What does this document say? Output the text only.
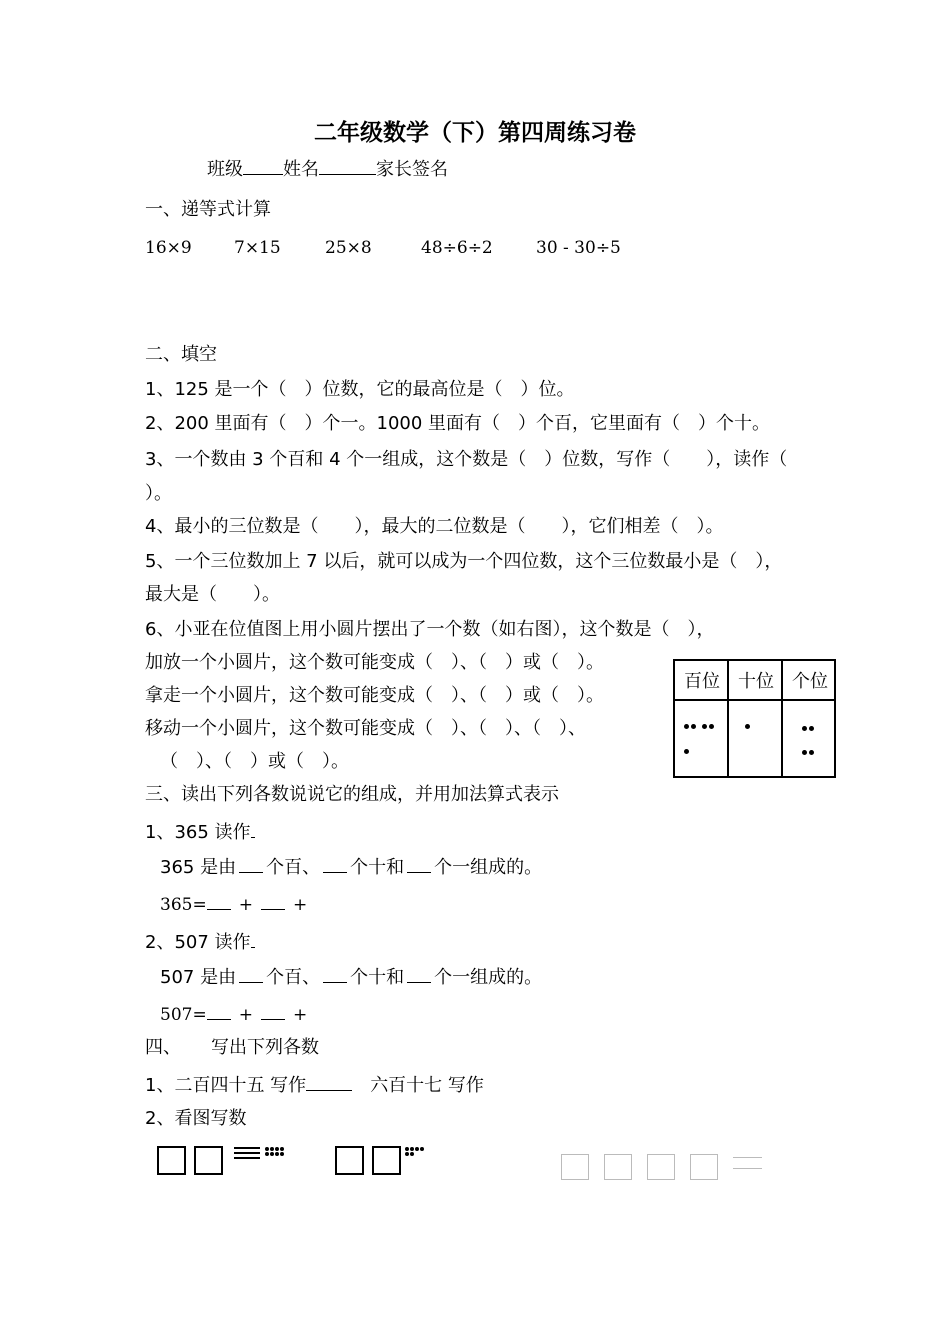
二年级数学（下）第四周练习卷
班级 姓名	家长签名
一、递等式计算
16×9 7×15	25×8	48÷6÷2	30 - 30÷5
二、填空
1、125 是一个（　）位数，它的最高位是（　）位。
2、200 里面有（　）个一。1000 里面有（　）个百，它里面有（　）个十。
3、一个数由 3 个百和 4 个一组成，这个数是（　）位数，写作（　　），读作（
）。
4、最小的三位数是（　　），最大的二位数是（　　），它们相差（　）。
5、一个三位数加上 7 以后，就可以成为一个四位数，这个三位数最小是（　），
最大是（　　）。
6、小亚在位值图上用小圆片摆出了一个数（如右图），这个数是（　），
加放一个小圆片，这个数可能变成（　）、（　）或（　）。
拿走一个小圆片，这个数可能变成（　）、（　）或（　）。
移动一个小圆片，这个数可能变成（　）、（　）、（　）、
（　）、（　）或（　）。
百位	十位	个位
三、读出下列各数说说它的组成，并用加法算式表示
1、365 读作
365 是由 个百、 个十和 个一组成的。
365= + +
2、507 读作
507 是由 个百、 个十和 个一组成的。
507= + +
四、 写出下列各数
1、二百四十五 写作	六百十七 写作
2、看图写数
